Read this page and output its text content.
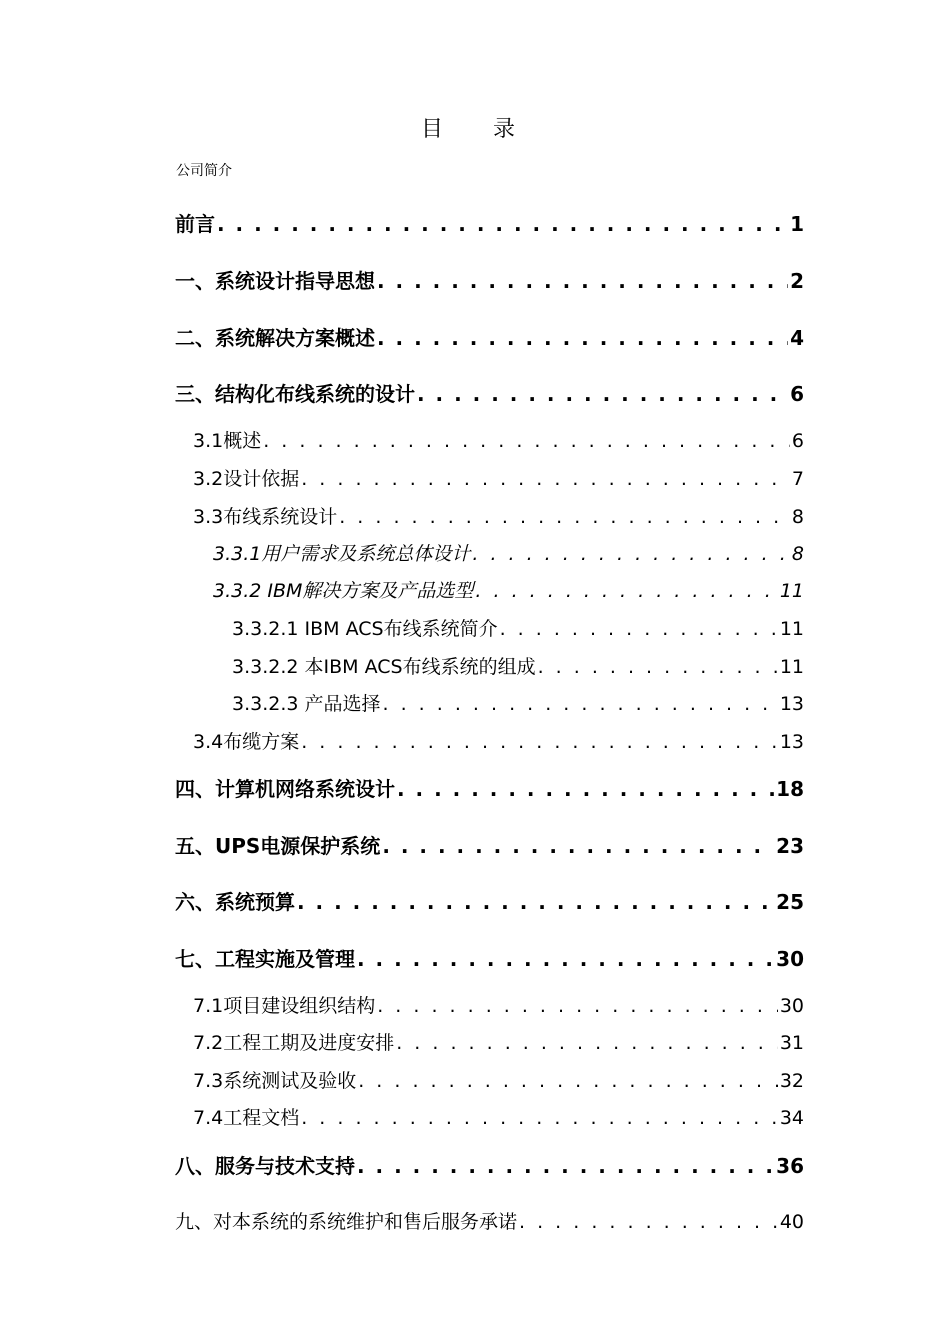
目　录
公司简介
前言 . . .	1
一、系统设计指导思想 . . .	2
二、系统解决方案概述 . . .	4
三、结构化布线系统的设计 . . .	6
3.1概述 . . .	6
3.2设计依据 . . .	7
3.3布线系统设计 . . .	8
3.3.1用户需求及系统总体设计 . . .	8
3.3.2 IBM解决方案及产品选型 . . .	11
3.3.2.1 IBM ACS布线系统简介 . . .	11
3.3.2.2 本IBM ACS布线系统的组成 . . .	11
3.3.2.3 产品选择 . . .	13
3.4布缆方案 . . .	13
四、计算机网络系统设计 . . .	18
五、UPS电源保护系统 . . .	23
六、系统预算 . . .	25
七、工程实施及管理 . . .	30
7.1项目建设组织结构 . . .	30
7.2工程工期及进度安排 . . .	31
7.3系统测试及验收 . . .	32
7.4工程文档 . . .	34
八、服务与技术支持 . . .	36
九、对本系统的系统维护和售后服务承诺 . . .	40
